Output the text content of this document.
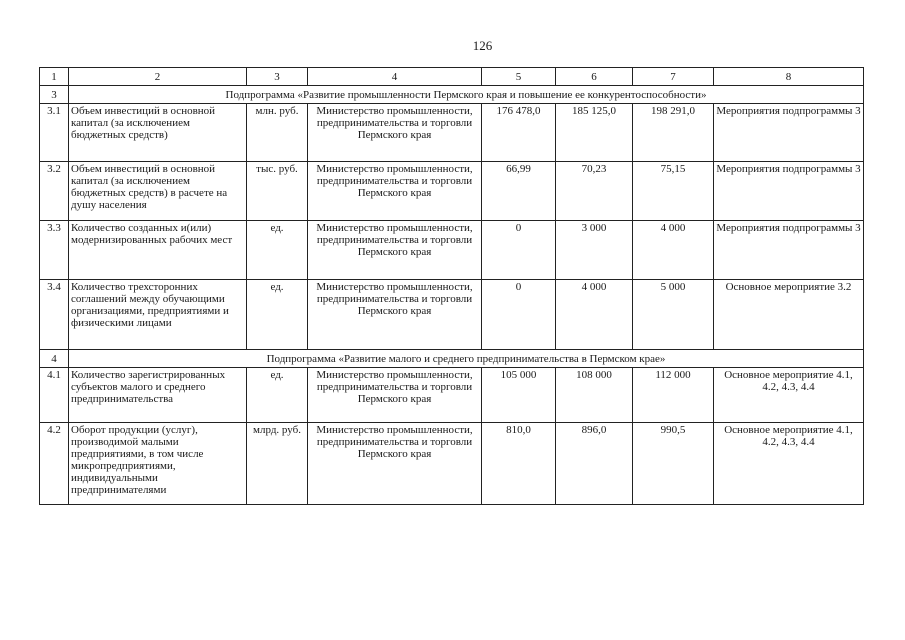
126
1	2	3	4	5	6	7	8
3	Подпрограмма «Развитие промышленности Пермского края и повышение ее конкурентоспособности»						
3.1	Объем инвестиций в основной капитал (за исключением бюджетных средств)	млн. руб.	Министерство промышленности, предпринимательства и торговли Пермского края	176 478,0	185 125,0	198 291,0	Мероприятия подпрограммы 3
3.2	Объем инвестиций в основной капитал (за исключением бюджетных средств) в расчете на душу населения	тыс. руб.	Министерство промышленности, предпринимательства и торговли Пермского края	66,99	70,23	75,15	Мероприятия подпрограммы 3
3.3	Количество созданных и(или) модернизированных рабочих мест	ед.	Министерство промышленности, предпринимательства и торговли Пермского края	0	3 000	4 000	Мероприятия подпрограммы 3
3.4	Количество трехсторонних соглашений между обучающими организациями, предприятиями и физическими лицами	ед.	Министерство промышленности, предпринимательства и торговли Пермского края	0	4 000	5 000	Основное мероприятие 3.2
4	Подпрограмма «Развитие малого и среднего предпринимательства в Пермском крае»						
4.1	Количество зарегистрированных субъектов малого и среднего предпринимательства	ед.	Министерство промышленности, предпринимательства и торговли Пермского края	105 000	108 000	112 000	Основное мероприятие 4.1, 4.2, 4.3, 4.4
4.2	Оборот продукции (услуг), производимой малыми предприятиями, в том числе микропредприятиями, индивидуальными предпринимателями	млрд. руб.	Министерство промышленности, предпринимательства и торговли Пермского края	810,0	896,0	990,5	Основное мероприятие 4.1, 4.2, 4.3, 4.4
